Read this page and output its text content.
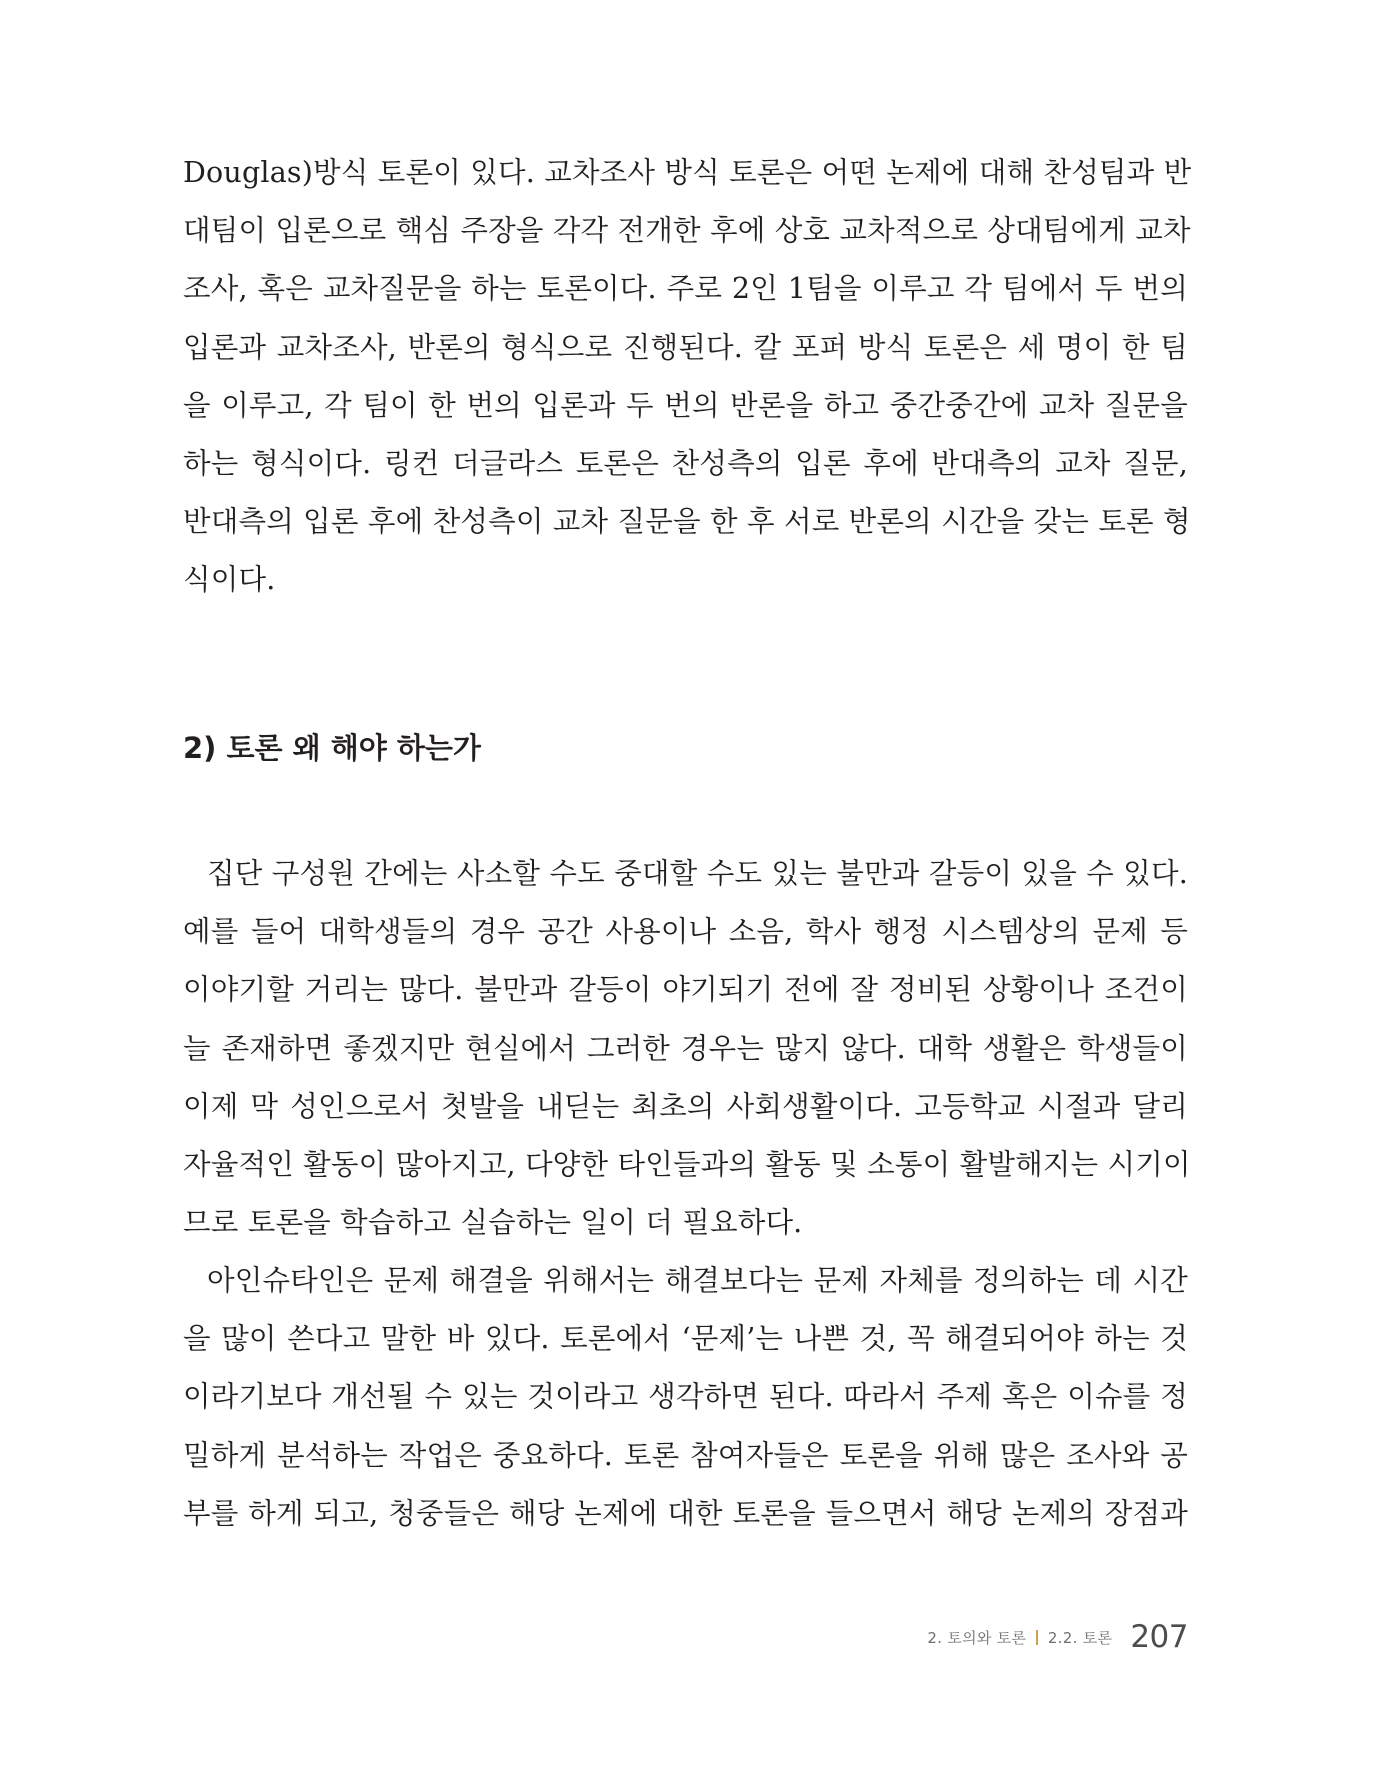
Douglas)방식 토론이 있다. 교차조사 방식 토론은 어떤 논제에 대해 찬성팀과 반
대팀이 입론으로 핵심 주장을 각각 전개한 후에 상호 교차적으로 상대팀에게 교차
조사, 혹은 교차질문을 하는 토론이다. 주로 2인 1팀을 이루고 각 팀에서 두 번의
입론과 교차조사, 반론의 형식으로 진행된다. 칼 포퍼 방식 토론은 세 명이 한 팀
을 이루고, 각 팀이 한 번의 입론과 두 번의 반론을 하고 중간중간에 교차 질문을
하는 형식이다. 링컨 더글라스 토론은 찬성측의 입론 후에 반대측의 교차 질문,
반대측의 입론 후에 찬성측이 교차 질문을 한 후 서로 반론의 시간을 갖는 토론 형
식이다.

2) 토론 왜 해야 하는가

집단 구성원 간에는 사소할 수도 중대할 수도 있는 불만과 갈등이 있을 수 있다.
예를 들어 대학생들의 경우 공간 사용이나 소음, 학사 행정 시스템상의 문제 등
이야기할 거리는 많다. 불만과 갈등이 야기되기 전에 잘 정비된 상황이나 조건이
늘 존재하면 좋겠지만 현실에서 그러한 경우는 많지 않다. 대학 생활은 학생들이
이제 막 성인으로서 첫발을 내딛는 최초의 사회생활이다. 고등학교 시절과 달리
자율적인 활동이 많아지고, 다양한 타인들과의 활동 및 소통이 활발해지는 시기이
므로 토론을 학습하고 실습하는 일이 더 필요하다.

아인슈타인은 문제 해결을 위해서는 해결보다는 문제 자체를 정의하는 데 시간
을 많이 쓴다고 말한 바 있다. 토론에서 ‘문제’는 나쁜 것, 꼭 해결되어야 하는 것
이라기보다 개선될 수 있는 것이라고 생각하면 된다. 따라서 주제 혹은 이슈를 정
밀하게 분석하는 작업은 중요하다. 토론 참여자들은 토론을 위해 많은 조사와 공
부를 하게 되고, 청중들은 해당 논제에 대한 토론을 들으면서 해당 논제의 장점과

2. 토의와 토론 2.2. 토론 207
